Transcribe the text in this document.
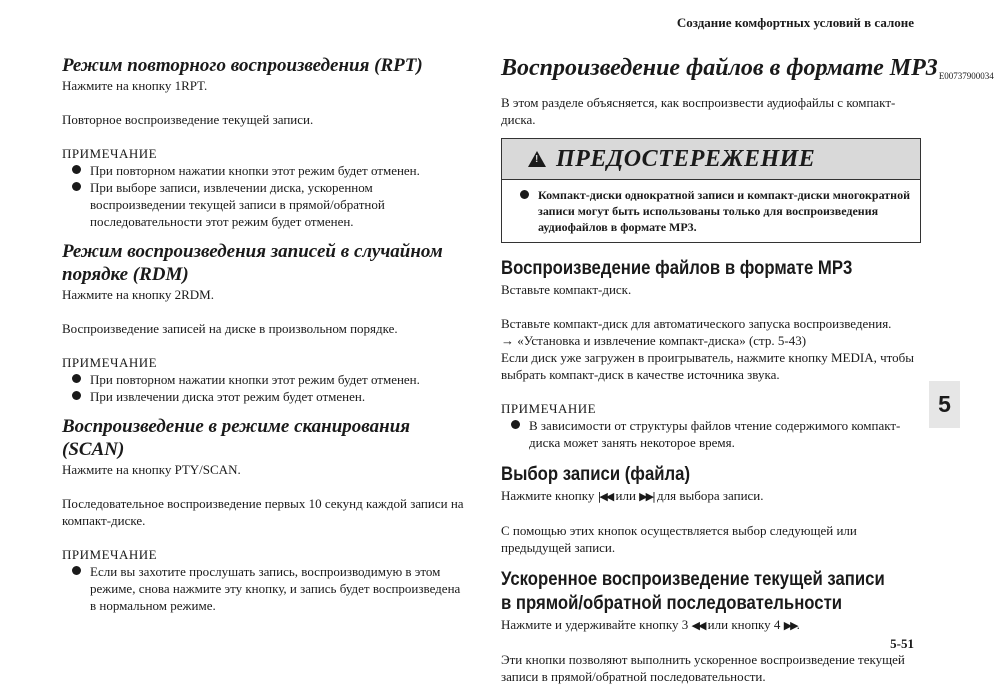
Создание комфортных условий в салоне
5
5-51
Режим повторного воспроизведения (RPT)

Нажмите на кнопку 1RPT.

Повторное воспроизведение текущей записи.

ПРИМЕЧАНИЕ

При повторном нажатии кнопки этот режим будет отменен.
При выборе записи, извлечении диска, ускоренном воспроизведении текущей записи в прямой/обратной последовательности этот режим будет отменен.
Режим воспроизведения записей в случайном порядке (RDM)

Нажмите на кнопку 2RDM.

Воспроизведение записей на диске в произвольном порядке.

ПРИМЕЧАНИЕ

При повторном нажатии кнопки этот режим будет отменен.
При извлечении диска этот режим будет отменен.
Воспроизведение в режиме сканирования (SCAN)

Нажмите на кнопку PTY/SCAN.

Последовательное воспроизведение первых 10 секунд каждой записи на компакт-диске.

ПРИМЕЧАНИЕ

Если вы захотите прослушать запись, воспроизводимую в этом режиме, снова нажмите эту кнопку, и запись будет воспроизведена в нормальном режиме.
Воспроизведение файлов в формате MP3E00737900034

В этом разделе объясняется, как воспроизвести аудиофайлы с компакт-диска.

!
ПРЕДОСТЕРЕЖЕНИЕ
Компакт-диски однократной записи и компакт-диски многократной записи могут быть использованы только для воспроизведения аудиофайлов в формате MP3.
Воспроизведение файлов в формате MP3

Вставьте компакт-диск.

Вставьте компакт-диск для автоматического запуска воспроизведения.

→ «Установка и извлечение компакт-диска» (стр. 5-43)

Если диск уже загружен в проигрыватель, нажмите кнопку MEDIA, чтобы выбрать компакт-диск в качестве источника звука.

ПРИМЕЧАНИЕ

В зависимости от структуры файлов чтение содержимого компакт-диска может занять некоторое время.
Выбор записи (файла)

Нажмите кнопку |◀◀ или ▶▶| для выбора записи.

С помощью этих кнопок осуществляется выбор следующей или предыдущей записи.

Ускоренное воспроизведение текущей записи
в прямой/обратной последовательности

Нажмите и удерживайте кнопку 3 ◀◀ или кнопку 4 ▶▶.

Эти кнопки позволяют выполнить ускоренное воспроизведение текущей записи в прямой/обратной последовательности.
